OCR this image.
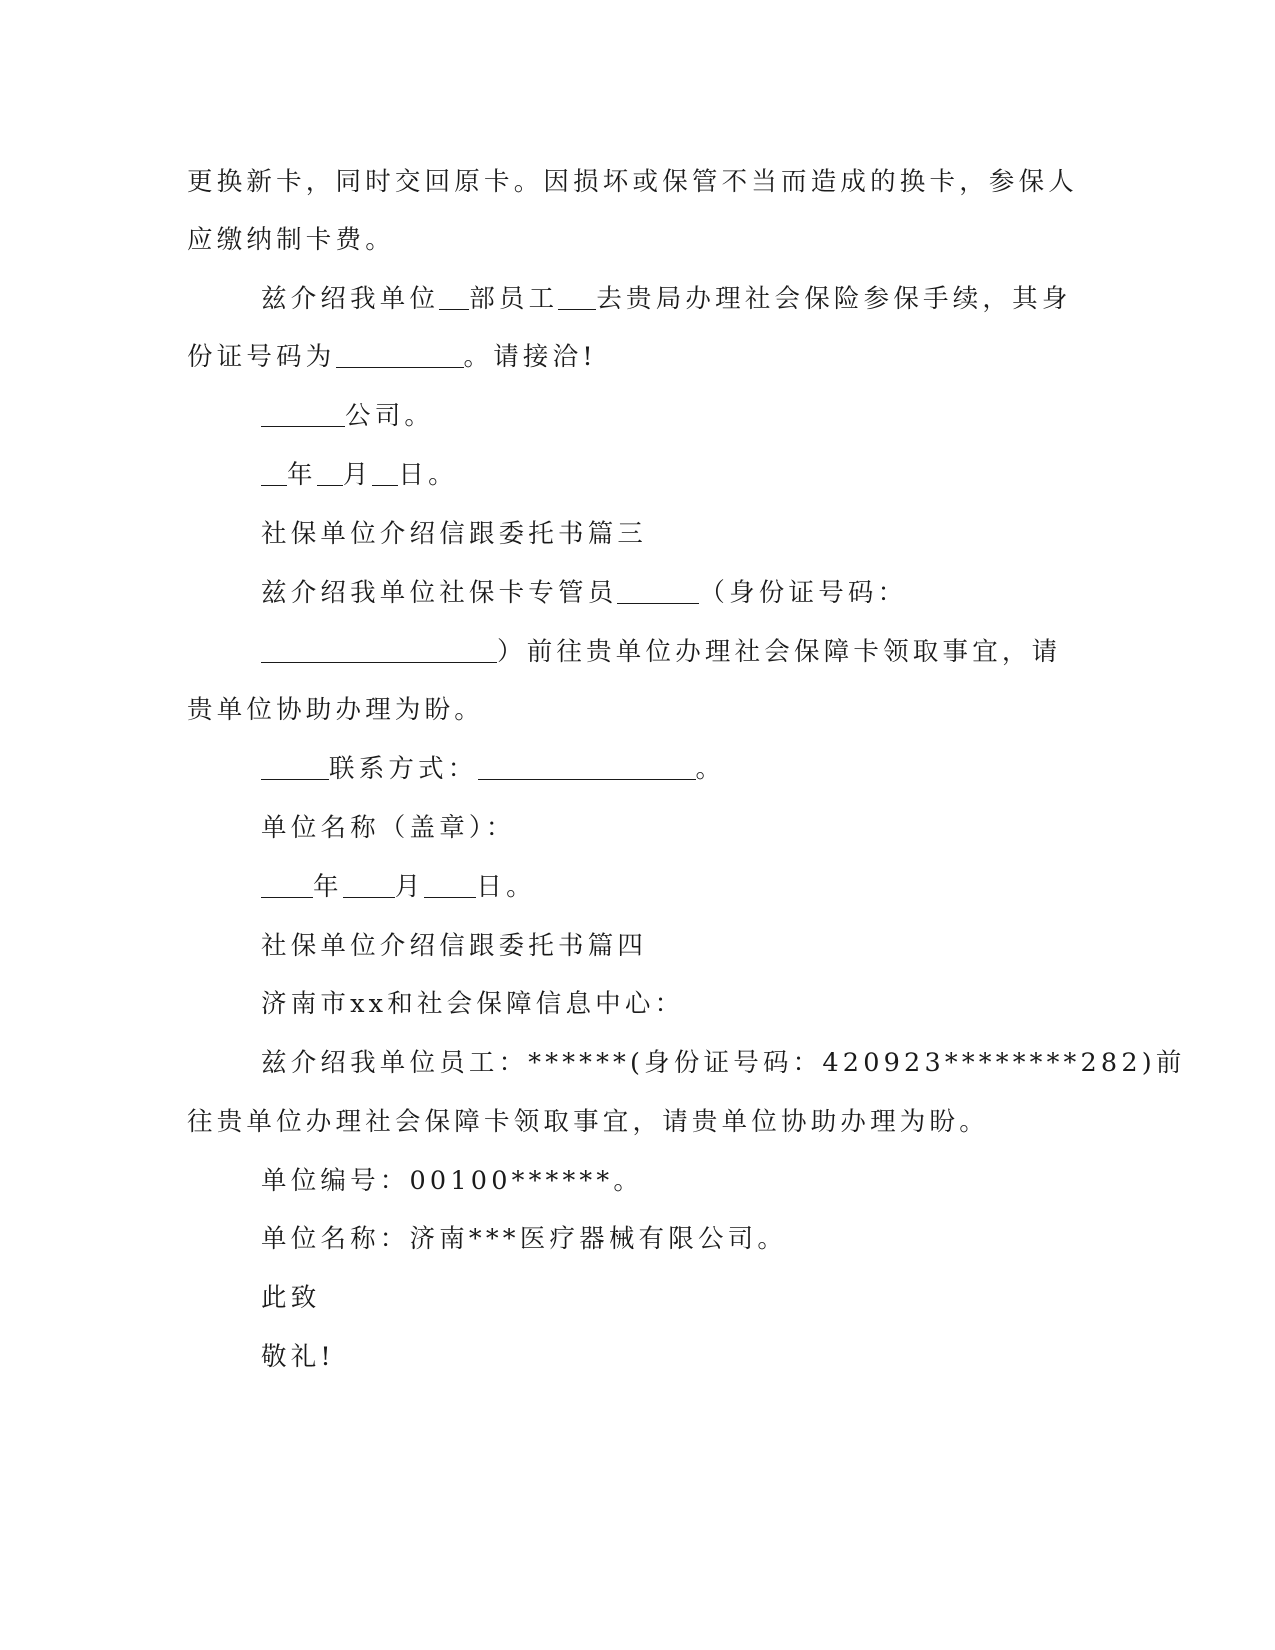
更换新卡，同时交回原卡。因损坏或保管不当而造成的换卡，参保人

应缴纳制卡费。

兹介绍我单位 部员工 去贵局办理社会保险参保手续，其身

份证号码为	。请接洽!

公司。

年 月 日。

社保单位介绍信跟委托书篇三

兹介绍我单位社保卡专管员	（身份证号码：

）前往贵单位办理社会保障卡领取事宜，请

贵单位协助办理为盼。

联系方式：	。

单位名称（盖章）：

年 月 日。

社保单位介绍信跟委托书篇四

济南市xx和社会保障信息中心：

兹介绍我单位员工：******(身份证号码：420923********282)前

往贵单位办理社会保障卡领取事宜，请贵单位协助办理为盼。

单位编号：00100******。

单位名称：济南***医疗器械有限公司。

此致

敬礼!
